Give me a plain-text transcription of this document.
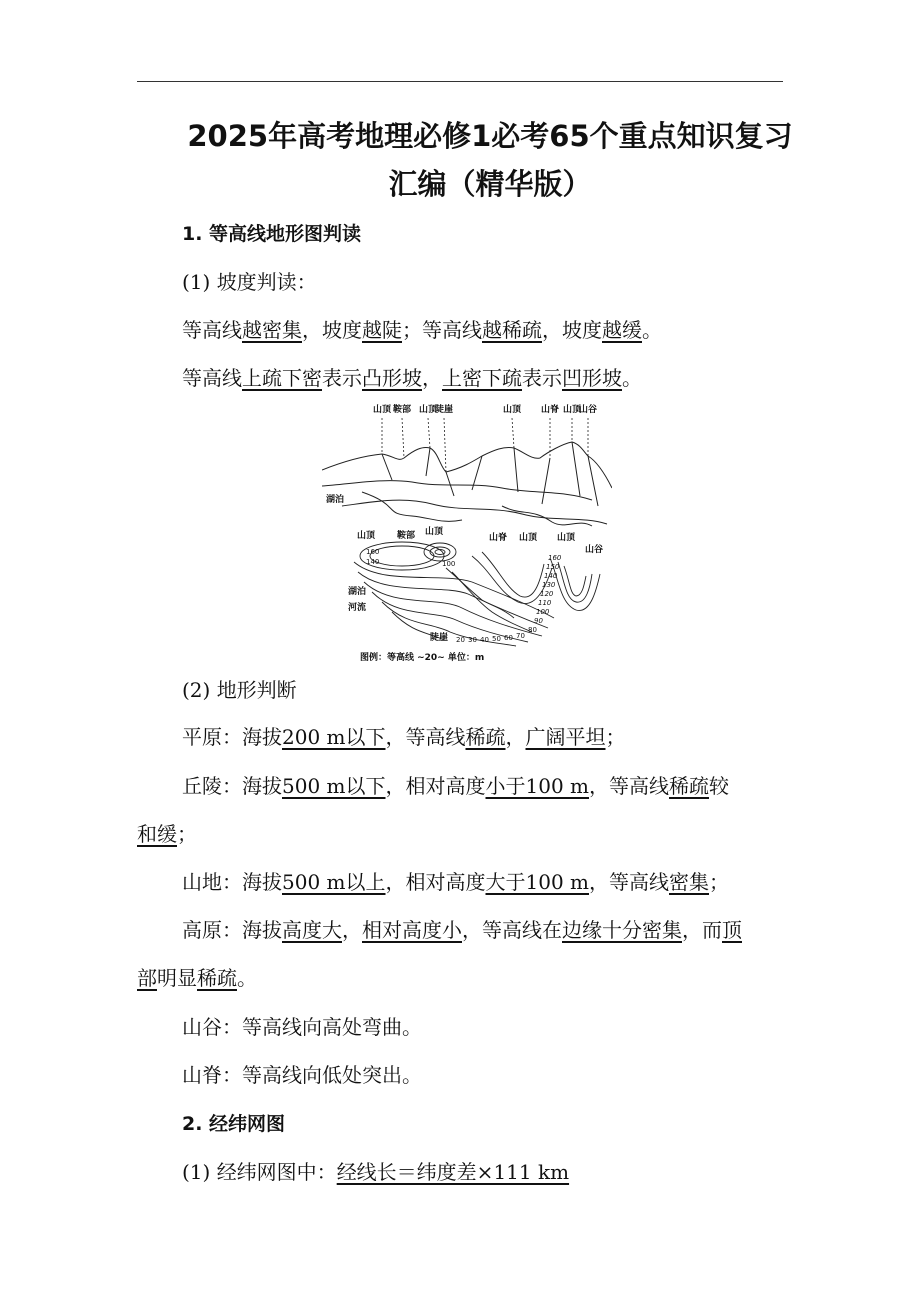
2025年高考地理必修1必考65个重点知识复习
汇编（精华版）
1. 等高线地形图判读
(1) 坡度判读：
等高线越密集，坡度越陡；等高线越稀疏，坡度越缓。
等高线上疏下密表示凸形坡，上密下疏表示凹形坡。
山顶 鞍部 山顶
陡崖	山顶 山脊 山顶
山谷
湖泊
山顶 鞍部 山顶
山脊 山顶 山顶
山谷
160
140	100
160
150
140
130
120
110
100
90
湖泊
河流
陡崖 20 30 40 50 60 70
80
图例：等高线 ∼20∼ 单位：m
(2) 地形判断
平原：海拔200 m以下，等高线稀疏，广阔平坦；
丘陵：海拔500 m以下，相对高度小于100 m，等高线稀疏较
和缓；
山地：海拔500 m以上，相对高度大于100 m，等高线密集；
高原：海拔高度大，相对高度小，等高线在边缘十分密集，而顶
部明显稀疏。
山谷：等高线向高处弯曲。
山脊：等高线向低处突出。
2. 经纬网图
(1) 经纬网图中：经线长＝纬度差×111 km
